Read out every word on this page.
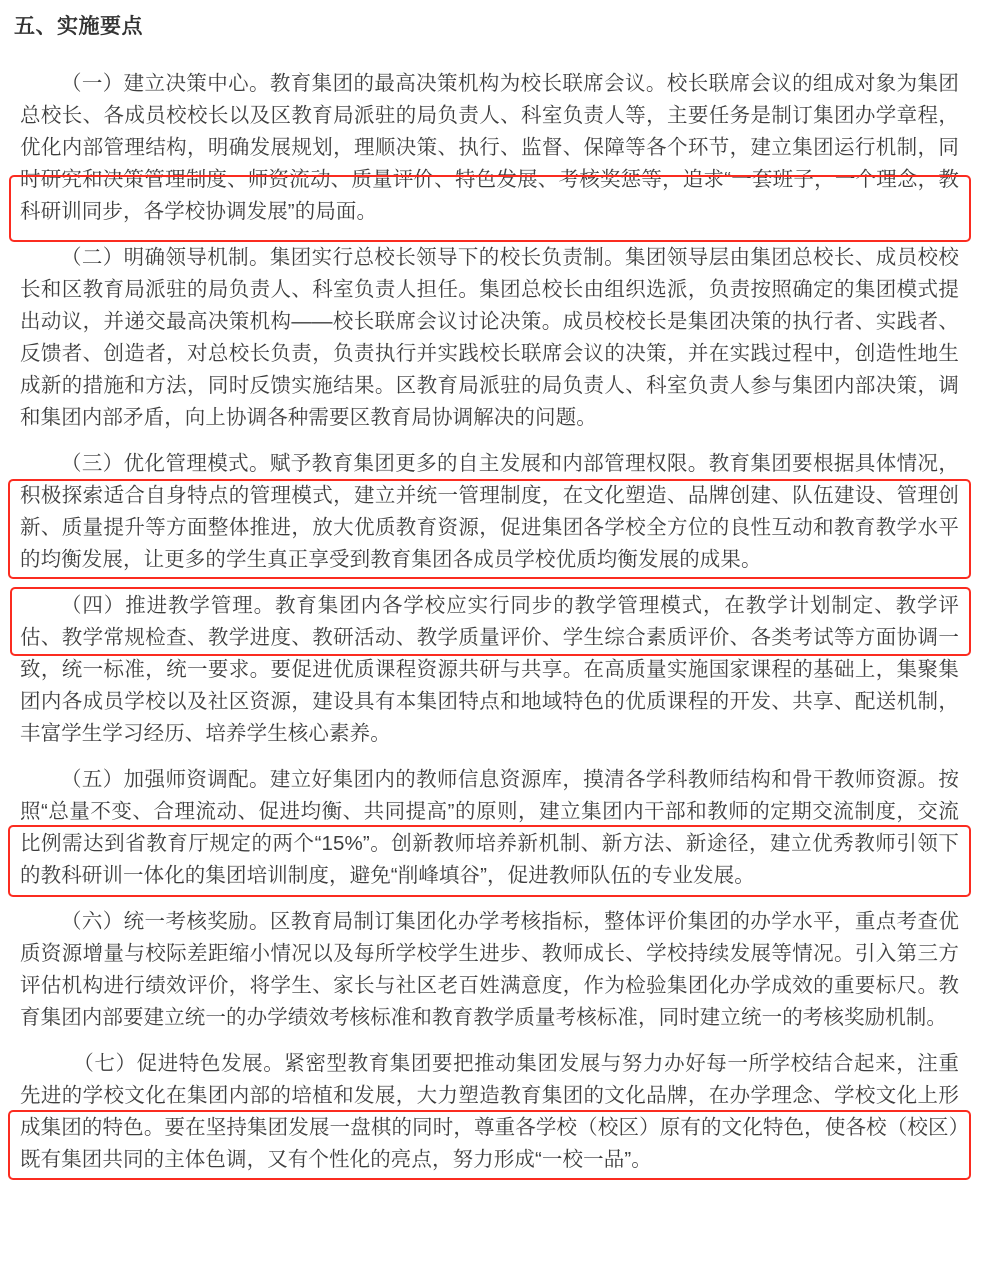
五、实施要点

（一）建立决策中心。教育集团的最高决策机构为校长联席会议。校长联席会议的组成对象为集团总校长、各成员校校长以及区教育局派驻的局负责人、科室负责人等，主要任务是制订集团办学章程，优化内部管理结构，明确发展规划，理顺决策、执行、监督、保障等各个环节，建立集团运行机制，同时研究和决策管理制度、师资流动、质量评价、特色发展、考核奖惩等，追求“一套班子，一个理念，教科研训同步，各学校协调发展”的局面。

（二）明确领导机制。集团实行总校长领导下的校长负责制。集团领导层由集团总校长、成员校校长和区教育局派驻的局负责人、科室负责人担任。集团总校长由组织选派，负责按照确定的集团模式提出动议，并递交最高决策机构——校长联席会议讨论决策。成员校校长是集团决策的执行者、实践者、反馈者、创造者，对总校长负责，负责执行并实践校长联席会议的决策，并在实践过程中，创造性地生成新的措施和方法，同时反馈实施结果。区教育局派驻的局负责人、科室负责人参与集团内部决策，调和集团内部矛盾，向上协调各种需要区教育局协调解决的问题。

（三）优化管理模式。赋予教育集团更多的自主发展和内部管理权限。教育集团要根据具体情况，积极探索适合自身特点的管理模式，建立并统一管理制度，在文化塑造、品牌创建、队伍建设、管理创新、质量提升等方面整体推进，放大优质教育资源，促进集团各学校全方位的良性互动和教育教学水平的均衡发展，让更多的学生真正享受到教育集团各成员学校优质均衡发展的成果。

（四）推进教学管理。教育集团内各学校应实行同步的教学管理模式，在教学计划制定、教学评估、教学常规检查、教学进度、教研活动、教学质量评价、学生综合素质评价、各类考试等方面协调一致，统一标准，统一要求。要促进优质课程资源共研与共享。在高质量实施国家课程的基础上，集聚集团内各成员学校以及社区资源，建设具有本集团特点和地域特色的优质课程的开发、共享、配送机制，丰富学生学习经历、培养学生核心素养。

（五）加强师资调配。建立好集团内的教师信息资源库，摸清各学科教师结构和骨干教师资源。按照“总量不变、合理流动、促进均衡、共同提高”的原则，建立集团内干部和教师的定期交流制度，交流比例需达到省教育厅规定的两个“15%”。创新教师培养新机制、新方法、新途径，建立优秀教师引领下的教科研训一体化的集团培训制度，避免“削峰填谷”，促进教师队伍的专业发展。

（六）统一考核奖励。区教育局制订集团化办学考核指标，整体评价集团的办学水平，重点考查优质资源增量与校际差距缩小情况以及每所学校学生进步、教师成长、学校持续发展等情况。引入第三方评估机构进行绩效评价，将学生、家长与社区老百姓满意度，作为检验集团化办学成效的重要标尺。教育集团内部要建立统一的办学绩效考核标准和教育教学质量考核标准，同时建立统一的考核奖励机制。

（七）促进特色发展。紧密型教育集团要把推动集团发展与努力办好每一所学校结合起来，注重先进的学校文化在集团内部的培植和发展，大力塑造教育集团的文化品牌，在办学理念、学校文化上形成集团的特色。要在坚持集团发展一盘棋的同时，尊重各学校（校区）原有的文化特色，使各校（校区）既有集团共同的主体色调，又有个性化的亮点，努力形成“一校一品”。
